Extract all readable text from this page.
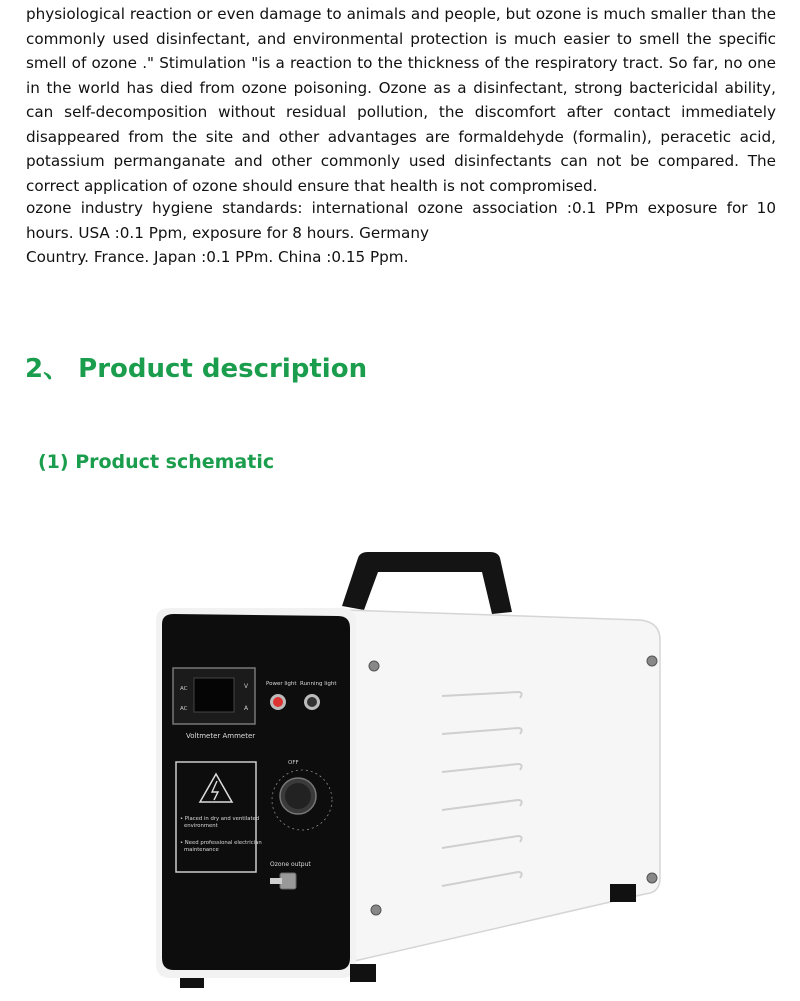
physiological reaction or even damage to animals and people, but ozone is much smaller than the commonly used disinfectant, and environmental protection is much easier to smell the specific smell of ozone ." Stimulation "is a reaction to the thickness of the respiratory tract. So far, no one in the world has died from ozone poisoning. Ozone as a disinfectant, strong bactericidal ability, can self-decomposition without residual pollution, the discomfort after contact immediately disappeared from the site and other advantages are formaldehyde (formalin), peracetic acid, potassium permanganate and other commonly used disinfectants can not be compared. The correct application of ozone should ensure that health is not compromised.

ozone industry hygiene standards: international ozone association :0.1 PPm exposure for 10 hours. USA :0.1 Ppm, exposure for 8 hours. Germany

Country. France. Japan :0.1 PPm. China :0.15 Ppm.

2、 Product description
(1) Product schematic
AC
AC
V
A
Voltmeter Ammeter
Power light Running light
• Placed in dry and ventilated
environment
• Need professional electrician
maintenance
OFF
Ozone output
